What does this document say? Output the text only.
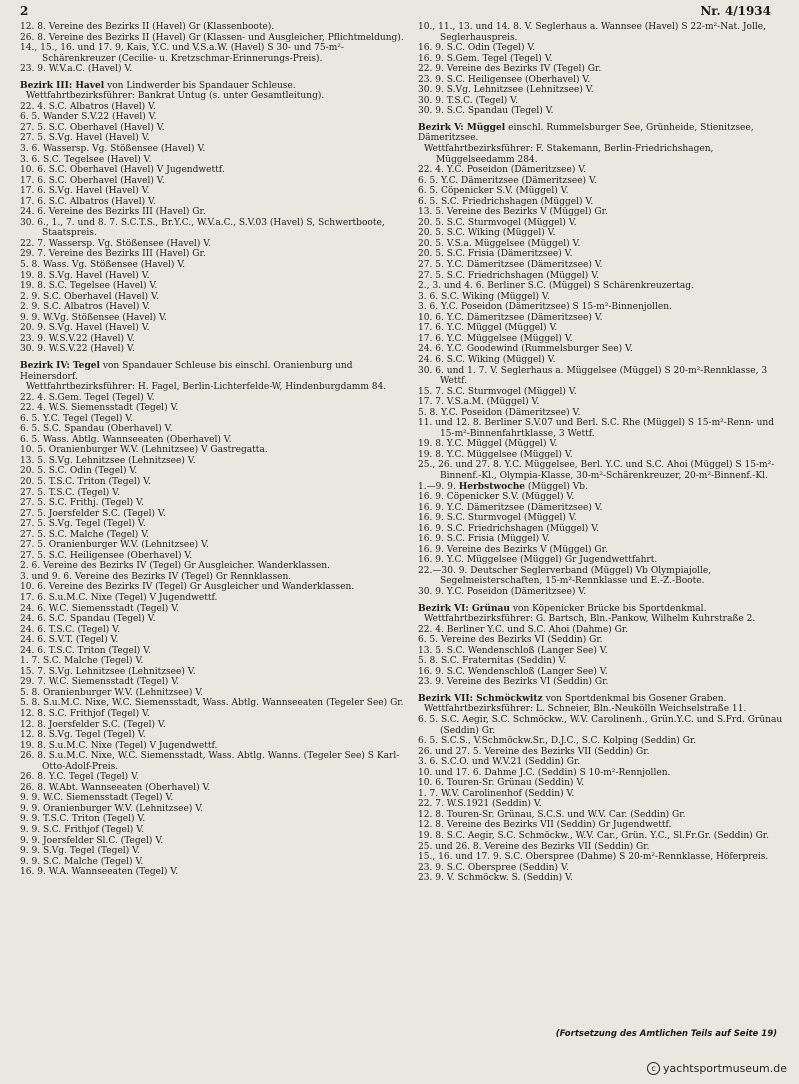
2	Nr. 4/1934
12. 8. Vereine des Bezirks II (Havel) Gr (Klassenboote).
26. 8. Vereine des Bezirks II (Havel) Gr (Klassen- und Ausgleicher, Pflichtmeldung).
14., 15., 16. und 17. 9. Kais, Y.C. und V.S.a.W. (Havel) S 30- und 75-m²-Schärenkreuzer (Cecilie- u. Kretzschmar-Erinnerungs-Preis).
23. 9. W.V.a.C. (Havel) V.
Bezirk III: Havel von Lindwerder bis Spandauer Schleuse.
Wettfahrtbezirksführer: Bankrat Untug (s. unter Gesamtleitung).
22. 4. S.C. Albatros (Havel) V.
6. 5. Wander S.V.22 (Havel) V.
27. 5. S.C. Oberhavel (Havel) V.
27. 5. S.Vg. Havel (Havel) V.
3. 6. Wassersp. Vg. Stößensee (Havel) V.
3. 6. S.C. Tegelsee (Havel) V.
10. 6. S.C. Oberhavel (Havel) V Jugendwettf.
17. 6. S.C. Oberhavel (Havel) V.
17. 6. S.Vg. Havel (Havel) V.
17. 6. S.C. Albatros (Havel) V.
24. 6. Vereine des Bezirks III (Havel) Gr.
30. 6., 1., 7. und 8. 7. S.C.T.S., Br.Y.C., W.V.a.C., S.V.03 (Havel) S, Schwertboote, Staatspreis.
22. 7. Wassersp. Vg. Stößensee (Havel) V.
29. 7. Vereine des Bezirks III (Havel) Gr.
5. 8. Wass. Vg. Stößensee (Havel) V.
19. 8. S.Vg. Havel (Havel) V.
19. 8. S.C. Tegelsee (Havel) V.
2. 9. S.C. Oberhavel (Havel) V.
2. 9. S.C. Albatros (Havel) V.
9. 9. W.Vg. Stößensee (Havel) V.
20. 9. S.Vg. Havel (Havel) V.
23. 9. W.S.V.22 (Havel) V.
30. 9. W.S.V.22 (Havel) V.
Bezirk IV: Tegel von Spandauer Schleuse bis einschl. Oranienburg und Heinersdorf.
Wettfahrtbezirksführer: H. Fagel, Berlin-Lichterfelde-W, Hindenburgdamm 84.
22. 4. S.Gem. Tegel (Tegel) V.
22. 4. W.S. Siemensstadt (Tegel) V.
6. 5. Y.C. Tegel (Tegel) V.
6. 5. S.C. Spandau (Oberhavel) V.
6. 5. Wass. Abtlg. Wannseeaten (Oberhavel) V.
10. 5. Oranienburger W.V. (Lehnitzsee) V Gastregatta.
13. 5. S.Vg. Lehnitzsee (Lehnitzsee) V.
20. 5. S.C. Odin (Tegel) V.
20. 5. T.S.C. Triton (Tegel) V.
27. 5. T.S.C. (Tegel) V.
27. 5. S.C. Frithj. (Tegel) V.
27. 5. Joersfelder S.C. (Tegel) V.
27. 5. S.Vg. Tegel (Tegel) V.
27. 5. S.C. Malche (Tegel) V.
27. 5. Oranienburger W.V. (Lehnitzsee) V.
27. 5. S.C. Heiligensee (Oberhavel) V.
2. 6. Vereine des Bezirks IV (Tegel) Gr Ausgleicher. Wanderklassen.
3. und 9. 6. Vereine des Bezirks IV (Tegel) Gr Rennklassen.
10. 6. Vereine des Bezirks IV (Tegel) Gr Ausgleicher und Wanderklassen.
17. 6. S.u.M.C. Nixe (Tegel) V Jugendwettf.
24. 6. W.C. Siemensstadt (Tegel) V.
24. 6. S.C. Spandau (Tegel) V.
24. 6. T.S.C. (Tegel) V.
24. 6. S.V.T. (Tegel) V.
24. 6. T.S.C. Triton (Tegel) V.
1. 7. S.C. Malche (Tegel) V.
15. 7. S.Vg. Lehnitzsee (Lehnitzsee) V.
29. 7. W.C. Siemensstadt (Tegel) V.
5. 8. Oranienburger W.V. (Lehnitzsee) V.
5. 8. S.u.M.C. Nixe, W.C. Siemensstadt, Wass. Abtlg. Wannseeaten (Tegeler See) Gr.
12. 8. S.C. Frithjof (Tegel) V.
12. 8. Joersfelder S.C. (Tegel) V.
12. 8. S.Vg. Tegel (Tegel) V.
19. 8. S.u.M.C. Nixe (Tegel) V Jugendwettf.
26. 8. S.u.M.C. Nixe, W.C. Siemensstadt, Wass. Abtlg. Wanns. (Tegeler See) S Karl-Otto-Adolf-Preis.
26. 8. Y.C. Tegel (Tegel) V.
26. 8. W.Abt. Wannseeaten (Oberhavel) V.
9. 9. W.C. Siemensstadt (Tegel) V.
9. 9. Oranienburger W.V. (Lehnitzsee) V.
9. 9. T.S.C. Triton (Tegel) V.
9. 9. S.C. Frithjof (Tegel) V.
9. 9. Joersfelder Sl.C. (Tegel) V.
9. 9. S.Vg. Tegel (Tegel) V.
9. 9. S.C. Malche (Tegel) V.
16. 9. W.A. Wannseeaten (Tegel) V.
10., 11., 13. und 14. 8. V. Seglerhaus a. Wannsee (Havel) S 22-m²-Nat. Jolle, Seglerhauspreis.
16. 9. S.C. Odin (Tegel) V.
16. 9. S.Gem. Tegel (Tegel) V.
22. 9. Vereine des Bezirks IV (Tegel) Gr.
23. 9. S.C. Heiligensee (Oberhavel) V.
30. 9. S.Vg. Lehnitzsee (Lehnitzsee) V.
30. 9. T.S.C. (Tegel) V.
30. 9. S.C. Spandau (Tegel) V.
Bezirk V: Müggel einschl. Rummelsburger See, Grünheide, Stienitzsee, Dämeritzsee.
Wettfahrtbezirksführer: F. Stakemann, Berlin-Friedrichshagen, Müggelseedamm 284.
22. 4. Y.C. Poseidon (Dämeritzsee) V.
6. 5. Y.C. Dämeritzsee (Dämeritzsee) V.
6. 5. Cöpenicker S.V. (Müggel) V.
6. 5. S.C. Friedrichshagen (Müggel) V.
13. 5. Vereine des Bezirks V (Müggel) Gr.
20. 5. S.C. Sturmvogel (Müggel) V.
20. 5. S.C. Wiking (Müggel) V.
20. 5. V.S.a. Müggelsee (Müggel) V.
20. 5. S.C. Frisia (Dämeritzsee) V.
27. 5. Y.C. Dämeritzsee (Dämeritzsee) V.
27. 5. S.C. Friedrichshagen (Müggel) V.
2., 3. und 4. 6. Berliner S.C. (Müggel) S Schärenkreuzertag.
3. 6. S.C. Wiking (Müggel) V.
3. 6. Y.C. Poseidon (Dämeritzsee) S 15-m²-Binnenjollen.
10. 6. Y.C. Dämeritzsee (Dämeritzsee) V.
17. 6. Y.C. Müggel (Müggel) V.
17. 6. Y.C. Müggelsee (Müggel) V.
24. 6. Y.C. Goodewind (Rummelsburger See) V.
24. 6. S.C. Wiking (Müggel) V.
30. 6. und 1. 7. V. Seglerhaus a. Müggelsee (Müggel) S 20-m²-Rennklasse, 3 Wettf.
15. 7. S.C. Sturmvogel (Müggel) V.
17. 7. V.S.a.M. (Müggel) V.
5. 8. Y.C. Poseidon (Dämeritzsee) V.
11. und 12. 8. Berliner S.V.07 und Berl. S.C. Rhe (Müggel) S 15-m²-Renn- und 15-m²-Binnenfahrtklasse, 3 Wettf.
19. 8. Y.C. Müggel (Müggel) V.
19. 8. Y.C. Müggelsee (Müggel) V.
25., 26. und 27. 8. Y.C. Müggelsee, Berl. Y.C. und S.C. Ahoi (Müggel) S 15-m²-Binnenf.-Kl., Olympia-Klasse, 30-m²-Schärenkreuzer, 20-m²-Binnenf.-Kl.
1.—9. 9. Herbstwoche (Müggel) Vb.
16. 9. Cöpenicker S.V. (Müggel) V.
16. 9. Y.C. Dämeritzsee (Dämeritzsee) V.
16. 9. S.C. Sturmvogel (Müggel) V.
16. 9. S.C. Friedrichshagen (Müggel) V.
16. 9. S.C. Frisia (Müggel) V.
16. 9. Vereine des Bezirks V (Müggel) Gr.
16. 9. Y.C. Müggelsee (Müggel) Gr Jugendwettfahrt.
22.—30. 9. Deutscher Seglerverband (Müggel) Vb Olympiajolle, Segelmeisterschaften, 15-m²-Rennklasse und E.-Z.-Boote.
30. 9. Y.C. Poseidon (Dämeritzsee) V.
Bezirk VI: Grünau von Köpenicker Brücke bis Sportdenkmal.
Wettfahrtbezirksführer: G. Bartsch, Bln.-Pankow, Wilhelm Kuhrstraße 2.
22. 4. Berliner Y.C. und S.C. Ahoi (Dahme) Gr.
6. 5. Vereine des Bezirks VI (Seddin) Gr.
13. 5. S.C. Wendenschloß (Langer See) V.
5. 8. S.C. Fraternitas (Seddin) V.
16. 9. S.C. Wendenschloß (Langer See) V.
23. 9. Vereine des Bezirks VI (Seddin) Gr.
Bezirk VII: Schmöckwitz von Sportdenkmal bis Gosener Graben.
Wettfahrtbezirksführer: L. Schneier, Bln.-Neukölln Weichselstraße 11.
6. 5. S.C. Aegir, S.C. Schmöckw., W.V. Carolinenh., Grün.Y.C. und S.Frd. Grünau (Seddin) Gr.
6. 5. S.C.S., V.Schmöckw.Sr., D.J.C., S.C. Kolping (Seddin) Gr.
26. und 27. 5. Vereine des Bezirks VII (Seddin) Gr.
3. 6. S.C.O. und W.V.21 (Seddin) Gr.
10. und 17. 6. Dahme J.C. (Seddin) S 10-m²-Rennjollen.
10. 6. Touren-Sr. Grünau (Seddin) V.
1. 7. W.V. Carolinenhof (Seddin) V.
22. 7. W.S.1921 (Seddin) V.
12. 8. Touren-Sr. Grünau, S.C.S. und W.V. Car. (Seddin) Gr.
12. 8. Vereine des Bezirks VII (Seddin) Gr Jugendwettf.
19. 8. S.C. Aegir, S.C. Schmöckw., W.V. Car., Grün. Y.C., Sl.Fr.Gr. (Seddin) Gr.
25. und 26. 8. Vereine des Bezirks VII (Seddin) Gr.
15., 16. und 17. 9. S.C. Oberspree (Dahme) S 20-m²-Rennklasse, Höferpreis.
23. 9. S.C. Oberspree (Seddin) V.
23. 9. V. Schmöckw. S. (Seddin) V.
(Fortsetzung des Amtlichen Teils auf Seite 19)
c yachtsportmuseum.de
